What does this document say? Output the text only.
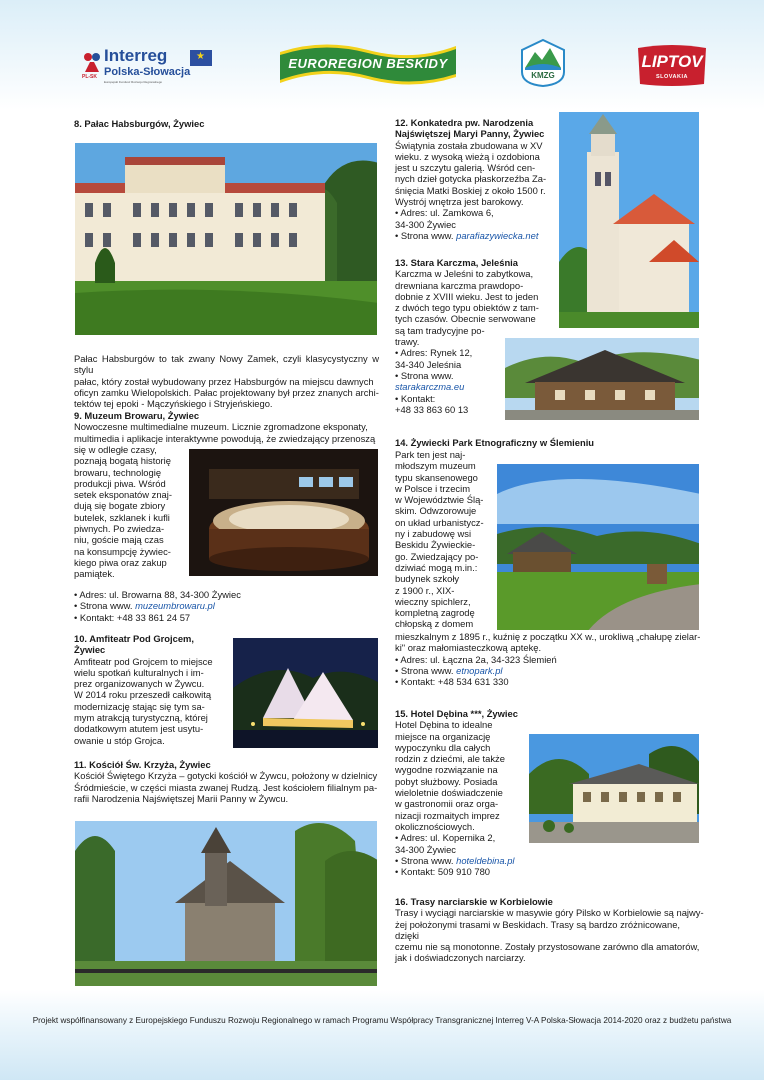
PL-SK
Interreg
Polska-Słowacja
Europejski Fundusz Rozwoju Regionalnego
★
EUROREGION BESKIDY
KMZG
LIPTOV
SLOVAKIA
8. Pałac Habsburgów, Żywiec

Pałac Habsburgów to tak zwany Nowy Zamek, czyli klasycystyczny w stylu
pałac, który został wybudowany przez Habsburgów na miejscu dawnych
oficyn zamku Wielopolskich. Pałac projektowany był przez znanych archi-
tektów tej epoki - Mączyńskiego i Stryjeńskiego.

9. Muzeum Browaru, Żywiec
Nowoczesne multimedialne muzeum. Licznie zgromadzone eksponaty,
multimedia i aplikacje interaktywne powodują, że zwiedzający przenoszą
się w odległe czasy,
poznają bogatą historię
browaru, technologię
produkcji piwa. Wśród
setek eksponatów znaj-
dują się bogate zbiory
butelek, szklanek i kufli
piwnych. Po zwiedza-
niu, goście mają czas
na konsumpcję żywiec-
kiego piwa oraz zakup
pamiątek.
• Adres: ul. Browarna 88, 34-300 Żywiec
• Strona www. muzeumbrowaru.pl
• Kontakt: +48 33 861 24 57
10. Amfiteatr Pod Grojcem,
Żywiec
Amfiteatr pod Grojcem to miejsce
wielu spotkań kulturalnych i im-
prez organizowanych w Żywcu.
W 2014 roku przeszedł całkowitą
modernizację stając się tym sa-
mym atrakcją turystyczną, której
dodatkowym atutem jest usytu-
owanie u stóp Grojca.
11. Kościół Św. Krzyża, Żywiec
Kościół Świętego Krzyża – gotycki kościół w Żywcu, położony w dzielnicy
Śródmieście, w części miasta zwanej Rudzą. Jest kościołem filialnym pa-
rafii Narodzenia Najświętszej Marii Panny w Żywcu.
12. Konkatedra pw. Narodzenia
Najświętszej Maryi Panny, Żywiec
Świątynia została zbudowana w XV
wieku. z wysoką wieżą i ozdobiona
jest u szczytu galerią. Wśród cen-
nych dzieł gotycka płaskorzeźba Za-
śnięcia Matki Boskiej z około 1500 r.
Wystrój wnętrza jest barokowy.
• Adres: ul. Zamkowa 6,
34-300 Żywiec
• Strona www. parafiazywiecka.net
13. Stara Karczma, Jeleśnia
Karczma w Jeleśni to zabytkowa,
drewniana karczma prawdopo-
dobnie z XVIII wieku. Jest to jeden
z dwóch tego typu obiektów z tam-
tych czasów. Obecnie serwowane
są tam tradycyjne po-
trawy.
• Adres: Rynek 12,
34-340 Jeleśnia
• Strona www.
starakarczma.eu
• Kontakt:
+48 33 863 60 13
14. Żywiecki Park Etnograficzny w Ślemieniu
Park ten jest naj-
młodszym muzeum
typu skansenowego
w Polsce i trzecim
w Województwie Ślą-
skim. Odwzorowuje
on układ urbanistycz-
ny i zabudowę wsi
Beskidu Żywieckie-
go. Zwiedzający po-
dziwiać mogą m.in.:
budynek szkoły
z 1900 r., XIX-
wieczny spichlerz,
kompletną zagrodę
chłopską z domem
mieszkalnym z 1895 r., kuźnię z początku XX w., urokliwą „chałupę zielar-
ki" oraz małomiasteczkową aptekę.
• Adres: ul. Łączna 2a, 34-323 Ślemień
• Strona www. etnopark.pl
• Kontakt: +48 534 631 330
15. Hotel Dębina ***, Żywiec
Hotel Dębina to idealne
miejsce na organizację
wypoczynku dla całych
rodzin z dziećmi, ale także
wygodne rozwiązanie na
pobyt służbowy. Posiada
wieloletnie doświadczenie
w gastronomii oraz orga-
nizacji rozmaitych imprez
okolicznościowych.
• Adres: ul. Kopernika 2,
34-300 Żywiec
• Strona www. hoteldebina.pl
• Kontakt: 509 910 780
16. Trasy narciarskie w Korbielowie
Trasy i wyciągi narciarskie w masywie góry Pilsko w Korbielowie są najwy-
żej położonymi trasami w Beskidach. Trasy są bardzo zróżnicowane, dzięki
czemu nie są monotonne. Zostały przystosowane zarówno dla amatorów,
jak i doświadczonych narciarzy.
Projekt współfinansowany z Europejskiego Funduszu Rozwoju Regionalnego w ramach Programu Współpracy Transgranicznej Interreg V-A Polska-Słowacja 2014-2020 oraz z budżetu państwa
